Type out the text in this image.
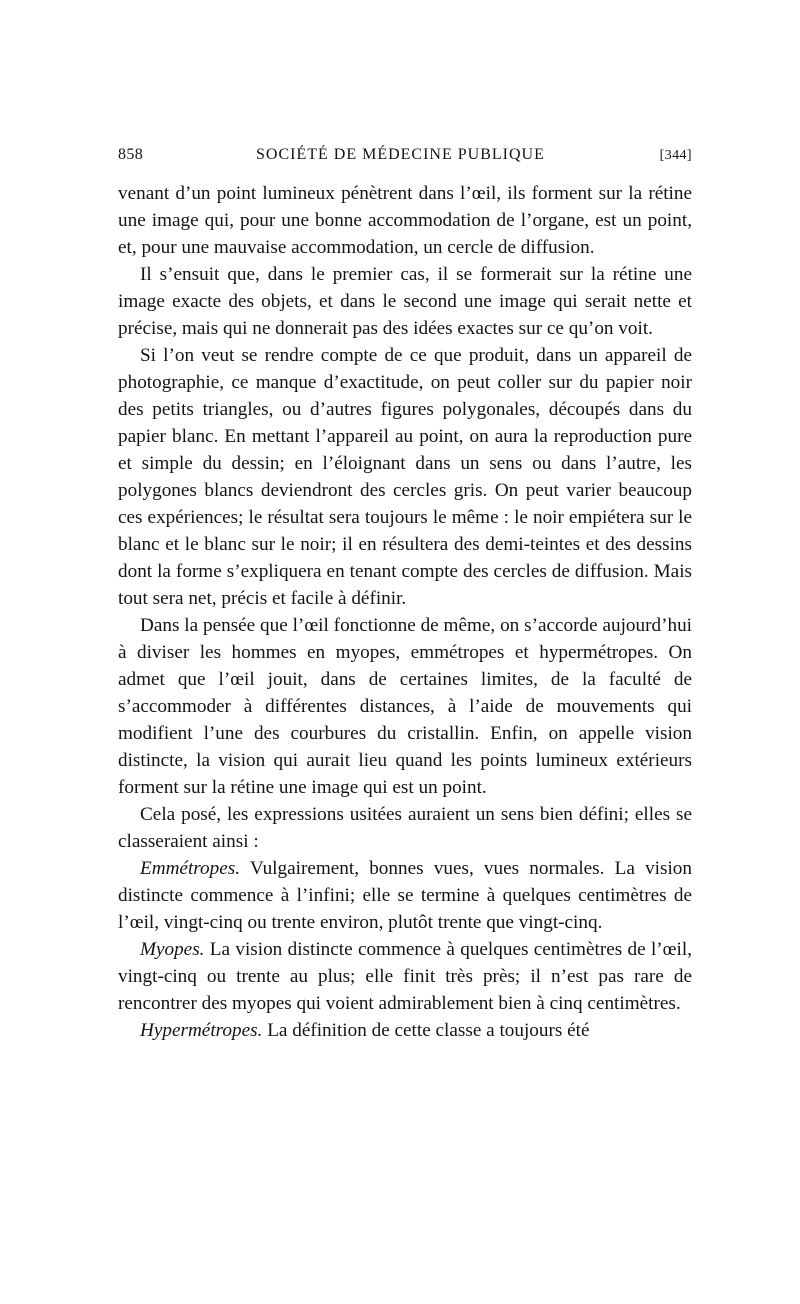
858	SOCIÉTÉ DE MÉDECINE PUBLIQUE	[344]

venant d’un point lumineux pénètrent dans l’œil, ils forment sur la rétine une image qui, pour une bonne accommodation de l’organe, est un point, et, pour une mauvaise accommodation, un cercle de diffusion.

Il s’ensuit que, dans le premier cas, il se formerait sur la rétine une image exacte des objets, et dans le second une image qui serait nette et précise, mais qui ne donnerait pas des idées exactes sur ce qu’on voit.

Si l’on veut se rendre compte de ce que produit, dans un appareil de photographie, ce manque d’exactitude, on peut coller sur du papier noir des petits triangles, ou d’autres figures polygonales, découpés dans du papier blanc. En mettant l’appareil au point, on aura la reproduction pure et simple du dessin; en l’éloignant dans un sens ou dans l’autre, les polygones blancs deviendront des cercles gris. On peut varier beaucoup ces expériences; le résultat sera toujours le même : le noir empiétera sur le blanc et le blanc sur le noir; il en résultera des demi-teintes et des dessins dont la forme s’expliquera en tenant compte des cercles de diffusion. Mais tout sera net, précis et facile à définir.

Dans la pensée que l’œil fonctionne de même, on s’accorde aujourd’hui à diviser les hommes en myopes, emmétropes et hypermétropes. On admet que l’œil jouit, dans de certaines limites, de la faculté de s’accommoder à différentes distances, à l’aide de mouvements qui modifient l’une des courbures du cristallin. Enfin, on appelle vision distincte, la vision qui aurait lieu quand les points lumineux extérieurs forment sur la rétine une image qui est un point.

Cela posé, les expressions usitées auraient un sens bien défini; elles se classeraient ainsi :

Emmétropes. Vulgairement, bonnes vues, vues normales. La vision distincte commence à l’infini; elle se termine à quelques centimètres de l’œil, vingt-cinq ou trente environ, plutôt trente que vingt-cinq.

Myopes. La vision distincte commence à quelques centimètres de l’œil, vingt-cinq ou trente au plus; elle finit très près; il n’est pas rare de rencontrer des myopes qui voient admirablement bien à cinq centimètres.

Hypermétropes. La définition de cette classe a toujours été
